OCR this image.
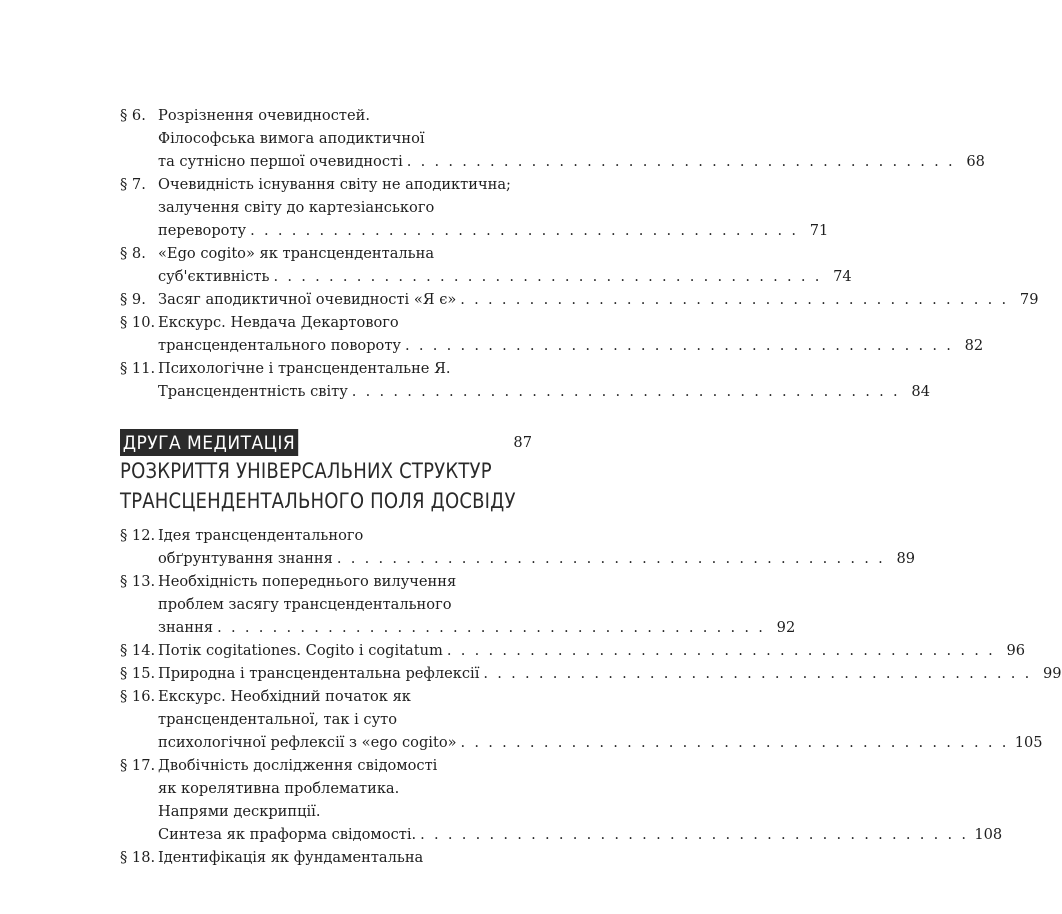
§ 6. Розрізнення очевидностей.
Філософська вимога аподиктичної
та сутнісно першої очевидності . . . . . . . . . . . . . . . . . . . . . . . . . . . . . . . . . . . . . . . . 68
§ 7. Очевидність існування світу не аподиктична;
залучення світу до картезіанського
перевороту . . . . . . . . . . . . . . . . . . . . . . . . . . . . . . . . . . . . . . . . 71
§ 8. «Ego cogito» як трансцендентальна
суб'єктивність . . . . . . . . . . . . . . . . . . . . . . . . . . . . . . . . . . . . . . . . 74
§ 9. Засяг аподиктичної очевидності «Я є» . . . . . . . . . . . . . . . . . . . . . . . . . . . . . . . . . . . . . . . . 79
§ 10. Екскурс. Невдача Декартового
трансцендентального повороту . . . . . . . . . . . . . . . . . . . . . . . . . . . . . . . . . . . . . . . . 82
§ 11. Психологічне і трансцендентальне Я.
Трансцендентність світу . . . . . . . . . . . . . . . . . . . . . . . . . . . . . . . . . . . . . . . . 84
ДРУГА МЕДИТАЦІЯ	87
РОЗКРИТТЯ УНІВЕРСАЛЬНИХ СТРУКТУР
ТРАНСЦЕНДЕНТАЛЬНОГО ПОЛЯ ДОСВІДУ
§ 12. Ідея трансцендентального
обґрунтування знання . . . . . . . . . . . . . . . . . . . . . . . . . . . . . . . . . . . . . . . . 89
§ 13. Необхідність попереднього вилучення
проблем засягу трансцендентального
знання . . . . . . . . . . . . . . . . . . . . . . . . . . . . . . . . . . . . . . . . 92
§ 14. Потік cogitationes. Cogito і cogitatum . . . . . . . . . . . . . . . . . . . . . . . . . . . . . . . . . . . . . . . . 96
§ 15. Природна і трансцендентальна рефлексії . . . . . . . . . . . . . . . . . . . . . . . . . . . . . . . . . . . . . . . . 99
§ 16. Екскурс. Необхідний початок як
трансцендентальної, так і суто
психологічної рефлексії з «ego cogito» . . . . . . . . . . . . . . . . . . . . . . . . . . . . . . . . . . . . . . . . 105
§ 17. Двобічність дослідження свідомості
як корелятивна проблематика.
Напрями дескрипції.
Синтеза як праформа свідомості. . . . . . . . . . . . . . . . . . . . . . . . . . . . . . . . . . . . . . . . . 108
§ 18. Ідентифікація як фундаментальна
